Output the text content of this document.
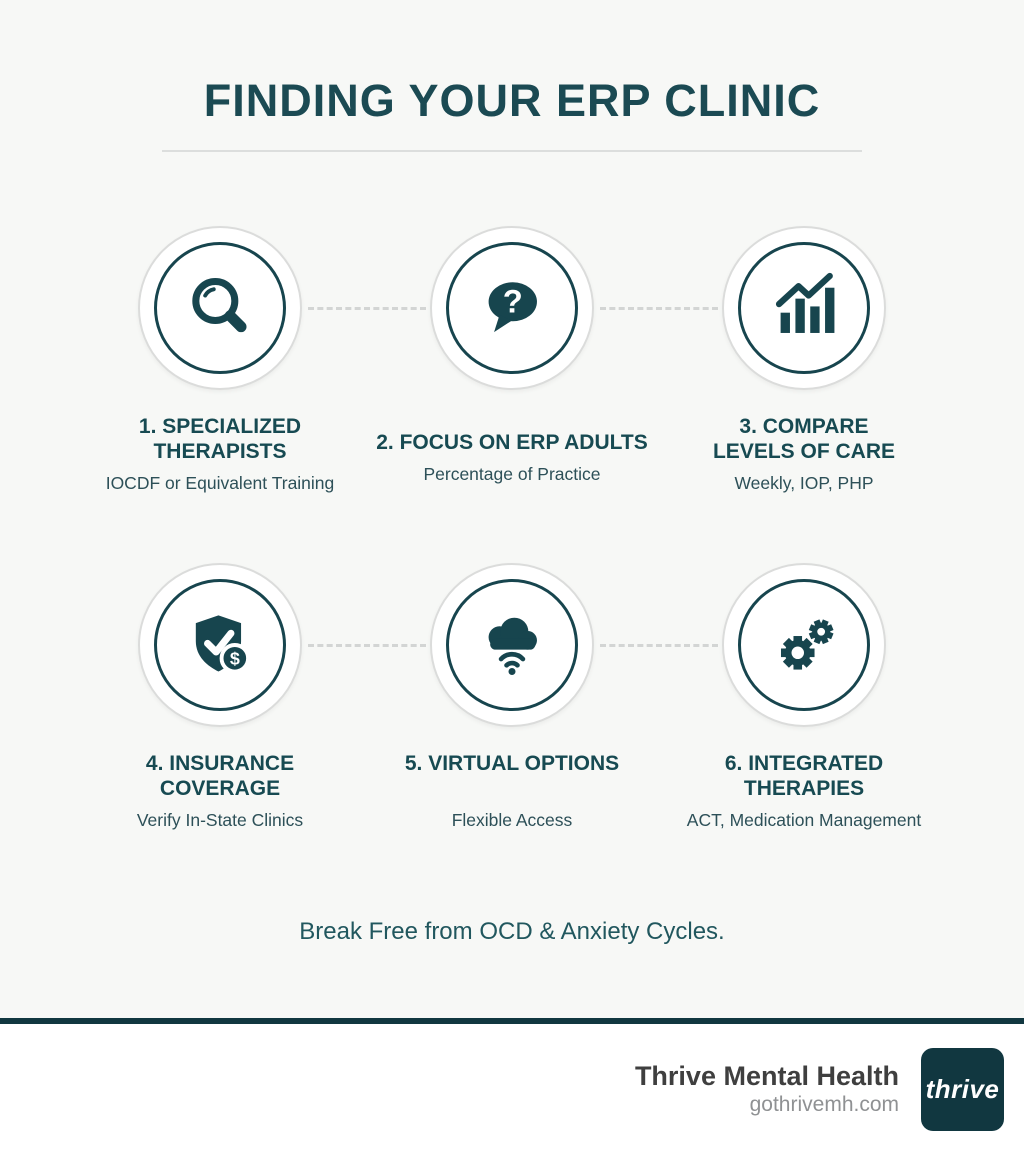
FINDING YOUR ERP CLINIC
1. SPECIALIZED THERAPISTS
IOCDF or Equivalent Training
?
2. FOCUS ON ERP ADULTS
Percentage of Practice
3. COMPARE LEVELS OF CARE
Weekly, IOP, PHP
$
4. INSURANCE COVERAGE
Verify In-State Clinics
5. VIRTUAL OPTIONS
Flexible Access
6. INTEGRATED THERAPIES
ACT, Medication Management
Break Free from OCD & Anxiety Cycles.
Thrive Mental Health
gothrivemh.com
thrive
